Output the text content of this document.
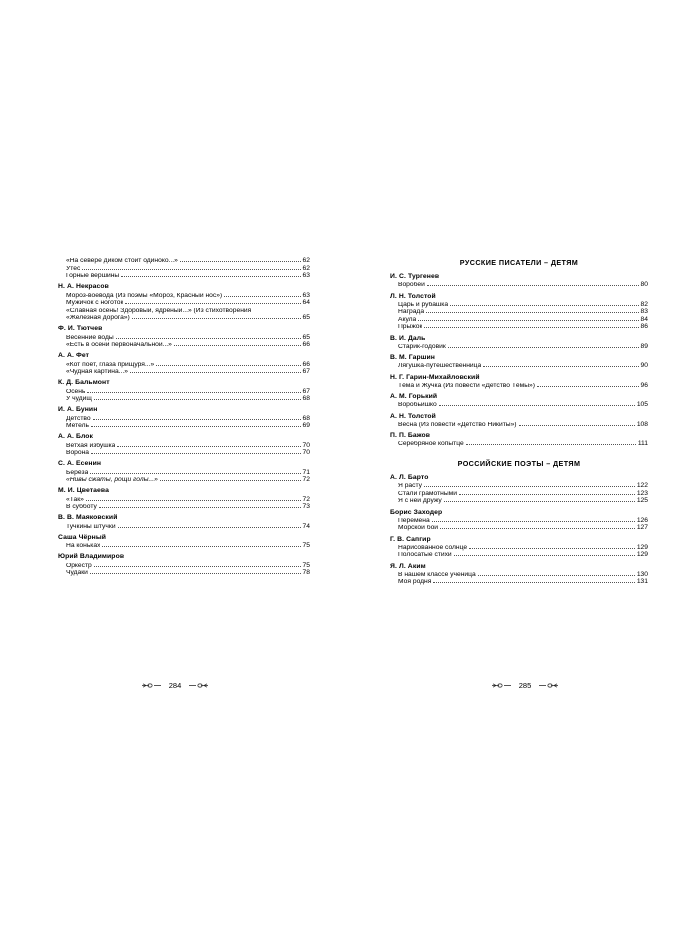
«На севере диком стоит одиноко...»	62
Утес	62
Горные вершины	63
Н. А. Некрасов
Мороз-воевода (Из поэмы «Мороз, Красный нос»)	63
Мужичок с ноготок	64
«Славная осень! Здоровый, ядрёный...» (Из стихотворения
«Железная дорога»)	65
Ф. И. Тютчев
Весенние воды	65
«Есть в осени первоначальной...»	66
А. А. Фет
«Кот поёт, глаза прищуря...»	66
«Чудная картина...»	67
К. Д. Бальмонт
Осень	67
У чудищ	68
И. А. Бунин
Детство	68
Метель	69
А. А. Блок
Ветхая избушка	70
Ворона	70
С. А. Есенин
Берёза	71
«Нивы сжаты, рощи голы...»	72
М. И. Цветаева
«Так»	72
В субботу	73
В. В. Маяковский
Тучкины штучки	74
Саша Чёрный
На коньках	75
Юрий Владимиров
Оркестр	75
Чудаки	78
284
РУССКИЕ ПИСАТЕЛИ – ДЕТЯМ
И. С. Тургенев
Воробей	80
Л. Н. Толстой
Царь и рубашка	82
Награда	83
Акула	84
Прыжок	86
В. И. Даль
Старик-годовик	89
В. М. Гаршин
Лягушка-путешественница	90
Н. Г. Гарин-Михайловский
Тёма и Жучка (Из повести «Детство Тёмы»)	96
А. М. Горький
Воробьишко	105
А. Н. Толстой
Весна (Из повести «Детство Никиты»)	108
П. П. Бажов
Серебряное копытце	111
РОССИЙСКИЕ ПОЭТЫ – ДЕТЯМ
А. Л. Барто
Я расту	122
Стали грамотными	123
Я с ней дружу	125
Борис Заходер
Перемена	126
Морской бой	127
Г. В. Сапгир
Нарисованное солнце	129
Полосатые стихи	129
Я. Л. Аким
В нашем классе ученица	130
Моя родня	131
285
